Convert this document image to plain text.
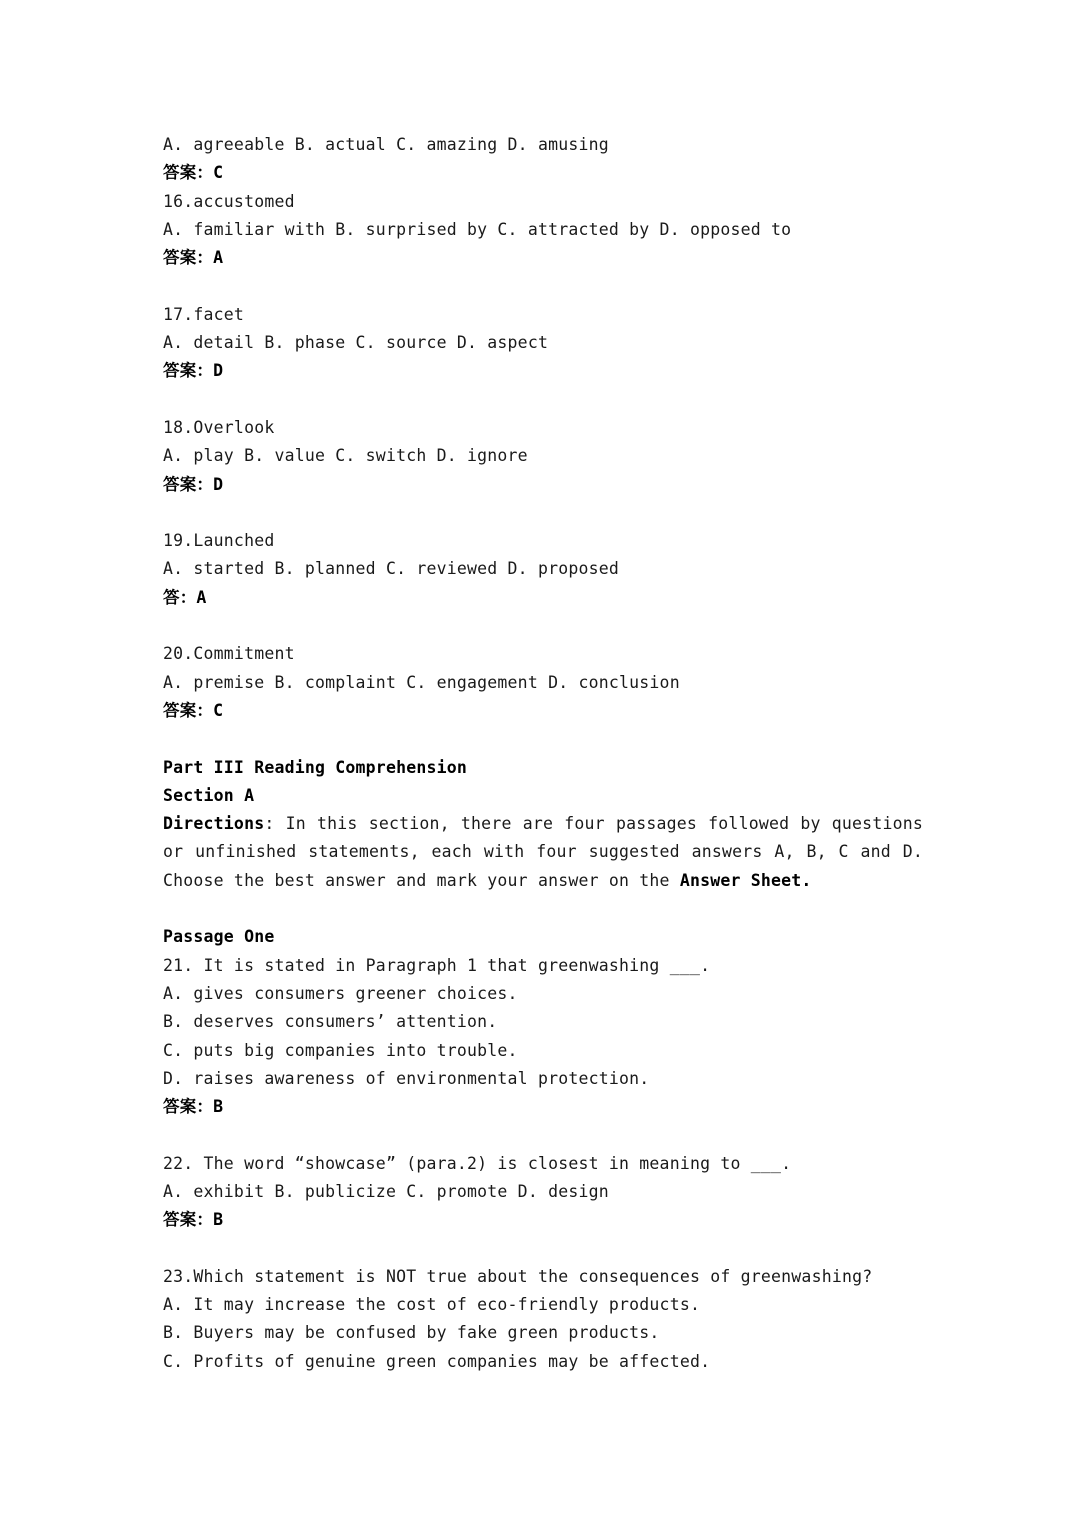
A. agreeable B. actual C. amazing D. amusing
答案：C
16.accustomed
A. familiar with B. surprised by C. attracted by D. opposed to
答案：A
17.facet
A. detail B. phase C. source D. aspect
答案：D
18.Overlook
A. play B. value C. switch D. ignore
答案：D
19.Launched
A. started B. planned C. reviewed D. proposed
答：A
20.Commitment
A. premise B. complaint C. engagement D. conclusion
答案：C
Part III Reading Comprehension
Section A
Directions: In this section, there are four passages followed by questions or unfinished statements, each with four suggested answers A, B, C and D. Choose the best answer and mark your answer on the Answer Sheet.
Passage One
21. It is stated in Paragraph 1 that greenwashing ___.
A. gives consumers greener choices.
B. deserves consumers’ attention.
C. puts big companies into trouble.
D. raises awareness of environmental protection.
答案：B
22. The word “showcase” (para.2) is closest in meaning to ___.
A. exhibit B. publicize C. promote D. design
答案：B
23.Which statement is NOT true about the consequences of greenwashing?
A. It may increase the cost of eco-friendly products.
B. Buyers may be confused by fake green products.
C. Profits of genuine green companies may be affected.
